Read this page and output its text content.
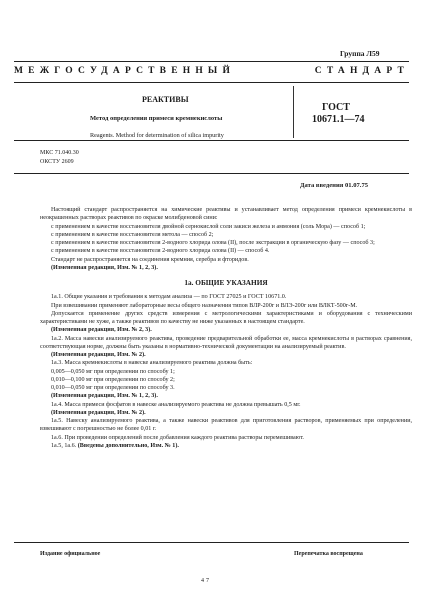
Группа Л59
МЕЖГОСУДАРСТВЕННЫЙ	СТАНДАРТ
РЕАКТИВЫ
Метод определения примеси кремнекислоты
Reagents. Method for determination of silica impurity
ГОСТ
10671.1—74
МКС 71.040.30
ОКСТУ 2609
Дата введения 01.07.75

Настоящий стандарт распространяется на химические реактивы и устанавливает метод определения примеси кремнекислоты в неокрашенных растворах реактивов по окраске молибденовой сини:

с применением в качестве восстановителя двойной сернокислой соли закиси железа и аммония (соль Мора) — способ 1;

с применением в качестве восстановителя метола — способ 2;

с применением в качестве восстановителя 2-водного хлорида олова (II), после экстракции в органическую фазу — способ 3;

с применением в качестве восстановителя 2-водного хлорида олова (II) — способ 4.

Стандарт не распространяется на соединения кремния, серебра и фторидов.

(Измененная редакция, Изм. № 1, 2, 3).

1а. ОБЩИЕ УКАЗАНИЯ

1а.1. Общие указания и требования к методам анализа — по ГОСТ 27025 и ГОСТ 10671.0.

При взвешивании применяют лабораторные весы общего назначения типов ВЛР-200г и ВЛЭ-200г или ВЛКТ-500г-М.

Допускается применение других средств измерения с метрологическими характеристиками и оборудования с техническими характеристиками не хуже, а также реактивов по качеству не ниже указанных в настоящем стандарте.

(Измененная редакция, Изм. № 2, 3).

1а.2. Масса навески анализируемого реактива, проведение предварительной обработки ее, масса кремнекислоты в растворах сравнения, соответствующая норме, должны быть указаны в нормативно-технической документации на анализируемый реактив.

(Измененная редакция, Изм. № 2).

1а.3. Масса кремнекислоты в навеске анализируемого реактива должна быть:

0,005—0,050 мг при определении по способу 1;

0,010—0,100 мг при определении по способу 2;

0,010—0,050 мг при определении по способу 3.

(Измененная редакция, Изм. № 1, 2, 3).

1а.4. Масса примеси фосфатов в навеске анализируемого реактива не должна превышать 0,5 мг.

(Измененная редакция, Изм. № 2).

1а.5. Навеску анализируемого реактива, а также навески реактивов для приготовления растворов, применяемых при определении, взвешивают с погрешностью не более 0,01 г.

1а.6. При проведении определений после добавления каждого реактива растворы перемешивают.

1а.5, 1а.6. (Введены дополнительно, Изм. № 1).

Издание официальное	Перепечатка воспрещена
47
